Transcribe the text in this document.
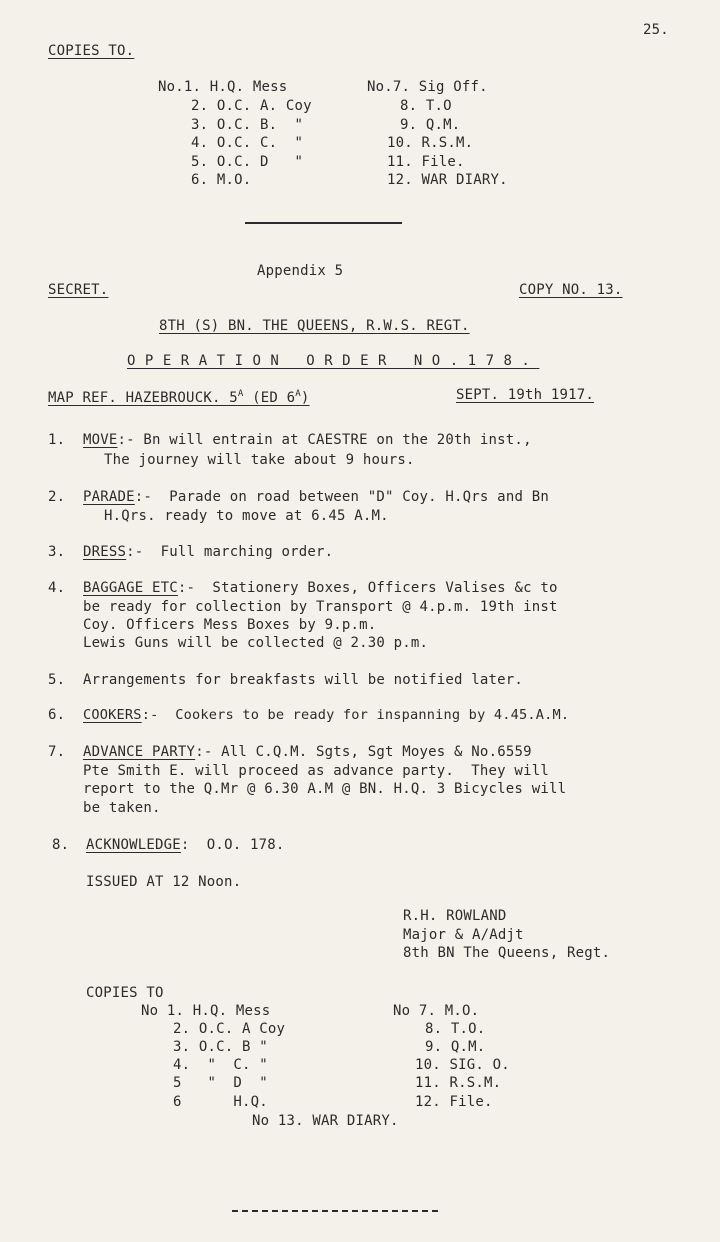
25.
COPIES TO.
No.1. H.Q. Mess
2. O.C. A. Coy
3. O.C. B.  "
4. O.C. C.  "
5. O.C. D   "
6. M.O.
No.7. Sig Off.
8. T.O
9. Q.M.
10. R.S.M.
11. File.
12. WAR DIARY.
Appendix 5
SECRET.	COPY NO. 13.
8TH (S) BN. THE QUEENS, R.W.S. REGT.
OPERATION ORDER NO.178.
MAP REF. HAZEBROUCK. $5^A$ (ED $6^A$)	SEPT. 19th 1917.
1. MOVE:- Bn will entrain at CAESTRE on the 20th inst.,
The journey will take about 9 hours.
2. PARADE:-  Parade on road between "D" Coy. H.Qrs and Bn
H.Qrs. ready to move at 6.45 A.M.
3. DRESS:-  Full marching order.
4. BAGGAGE ETC:-  Stationery Boxes, Officers Valises &c to
be ready for collection by Transport @ 4.p.m. 19th inst
Coy. Officers Mess Boxes by 9.p.m.
Lewis Guns will be collected @ 2.30 p.m.
5. Arrangements for breakfasts will be notified later.
6. COOKERS:-  Cookers to be ready for inspanning by 4.45.A.M.
7. ADVANCE PARTY:- All C.Q.M. Sgts, Sgt Moyes & No.6559
Pte Smith E. will proceed as advance party.  They will
report to the Q.Mr @ 6.30 A.M @ BN. H.Q. 3 Bicycles will
be taken.
8. ACKNOWLEDGE:  O.O. 178.
ISSUED AT 12 Noon.
R.H. ROWLAND
Major & A/Adjt
8th BN The Queens, Regt.
COPIES TO
No 1. H.Q. Mess
2. O.C. A Coy
3. O.C. B "
4.  "  C. "
5   "  D  "
6      H.Q.
No 7. M.O.
8. T.O.
9. Q.M.
10. SIG. O.
11. R.S.M.
12. File.
No 13. WAR DIARY.
